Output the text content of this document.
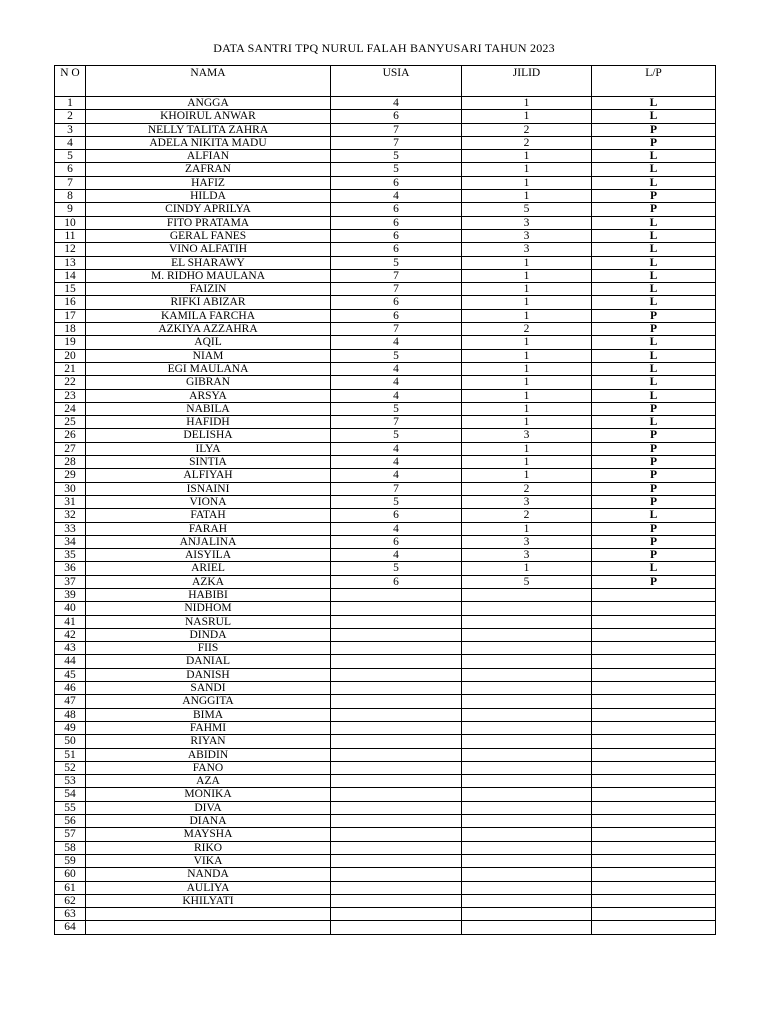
DATA SANTRI TPQ NURUL FALAH BANYUSARI TAHUN 2023
N O	NAMA	USIA	JILID	L/P
1	ANGGA	4	1	L
2	KHOIRUL ANWAR	6	1	L
3	NELLY TALITA ZAHRA	7	2	P
4	ADELA NIKITA MADU	7	2	P
5	ALFIAN	5	1	L
6	ZAFRAN	5	1	L
7	HAFIZ	6	1	L
8	HILDA	4	1	P
9	CINDY APRILYA	6	5	P
10	FITO PRATAMA	6	3	L
11	GERAL FANES	6	3	L
12	VINO ALFATIH	6	3	L
13	EL SHARAWY	5	1	L
14	M. RIDHO MAULANA	7	1	L
15	FAIZIN	7	1	L
16	RIFKI ABIZAR	6	1	L
17	KAMILA FARCHA	6	1	P
18	AZKIYA AZZAHRA	7	2	P
19	AQIL	4	1	L
20	NIAM	5	1	L
21	EGI MAULANA	4	1	L
22	GIBRAN	4	1	L
23	ARSYA	4	1	L
24	NABILA	5	1	P
25	HAFIDH	7	1	L
26	DELISHA	5	3	P
27	ILYA	4	1	P
28	SINTIA	4	1	P
29	ALFIYAH	4	1	P
30	ISNAINI	7	2	P
31	VIONA	5	3	P
32	FATAH	6	2	L
33	FARAH	4	1	P
34	ANJALINA	6	3	P
35	AISYILA	4	3	P
36	ARIEL	5	1	L
37	AZKA	6	5	P
39	HABIBI			
40	NIDHOM			
41	NASRUL			
42	DINDA			
43	FIIS			
44	DANIAL			
45	DANISH			
46	SANDI			
47	ANGGITA			
48	BIMA			
49	FAHMI			
50	RIYAN			
51	ABIDIN			
52	FANO			
53	AZA			
54	MONIKA			
55	DIVA			
56	DIANA			
57	MAYSHA			
58	RIKO			
59	VIKA			
60	NANDA			
61	AULIYA			
62	KHILYATI			
63				
64				
